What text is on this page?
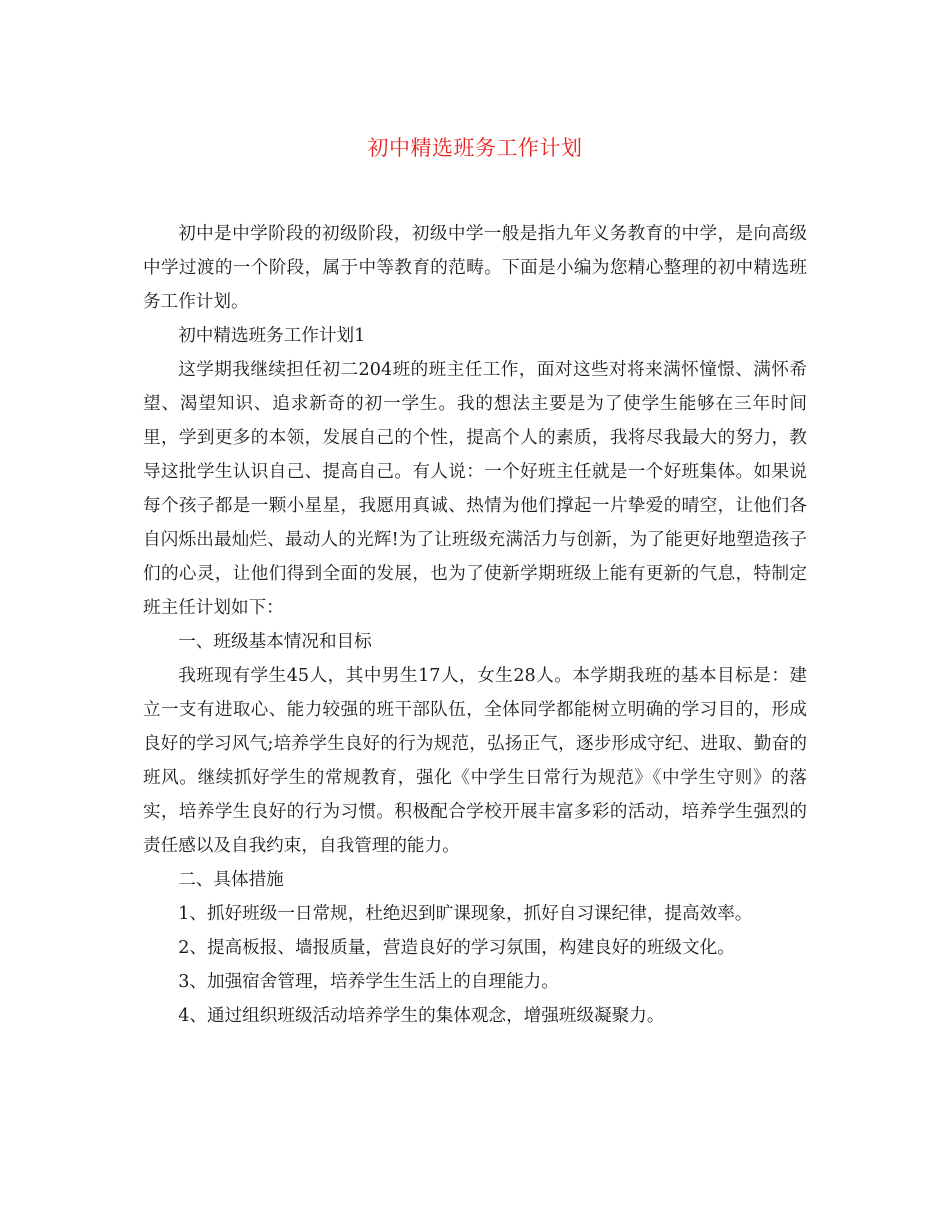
初中精选班务工作计划

初中是中学阶段的初级阶段，初级中学一般是指九年义务教育的中学，是向高级中学过渡的一个阶段，属于中等教育的范畴。下面是小编为您精心整理的初中精选班务工作计划。

初中精选班务工作计划1

这学期我继续担任初二204班的班主任工作，面对这些对将来满怀憧憬、满怀希望、渴望知识、追求新奇的初一学生。我的想法主要是为了使学生能够在三年时间里，学到更多的本领，发展自己的个性，提高个人的素质，我将尽我最大的努力，教导这批学生认识自己、提高自己。有人说：一个好班主任就是一个好班集体。如果说每个孩子都是一颗小星星，我愿用真诚、热情为他们撑起一片挚爱的晴空，让他们各自闪烁出最灿烂、最动人的光辉!为了让班级充满活力与创新，为了能更好地塑造孩子们的心灵，让他们得到全面的发展，也为了使新学期班级上能有更新的气息，特制定班主任计划如下：

一、班级基本情况和目标

我班现有学生45人，其中男生17人，女生28人。本学期我班的基本目标是：建立一支有进取心、能力较强的班干部队伍，全体同学都能树立明确的学习目的，形成良好的学习风气;培养学生良好的行为规范，弘扬正气，逐步形成守纪、进取、勤奋的班风。继续抓好学生的常规教育，强化《中学生日常行为规范》《中学生守则》的落实，培养学生良好的行为习惯。积极配合学校开展丰富多彩的活动，培养学生强烈的责任感以及自我约束，自我管理的能力。

二、具体措施

1、抓好班级一日常规，杜绝迟到旷课现象，抓好自习课纪律，提高效率。

2、提高板报、墙报质量，营造良好的学习氛围，构建良好的班级文化。

3、加强宿舍管理，培养学生生活上的自理能力。

4、通过组织班级活动培养学生的集体观念，增强班级凝聚力。
